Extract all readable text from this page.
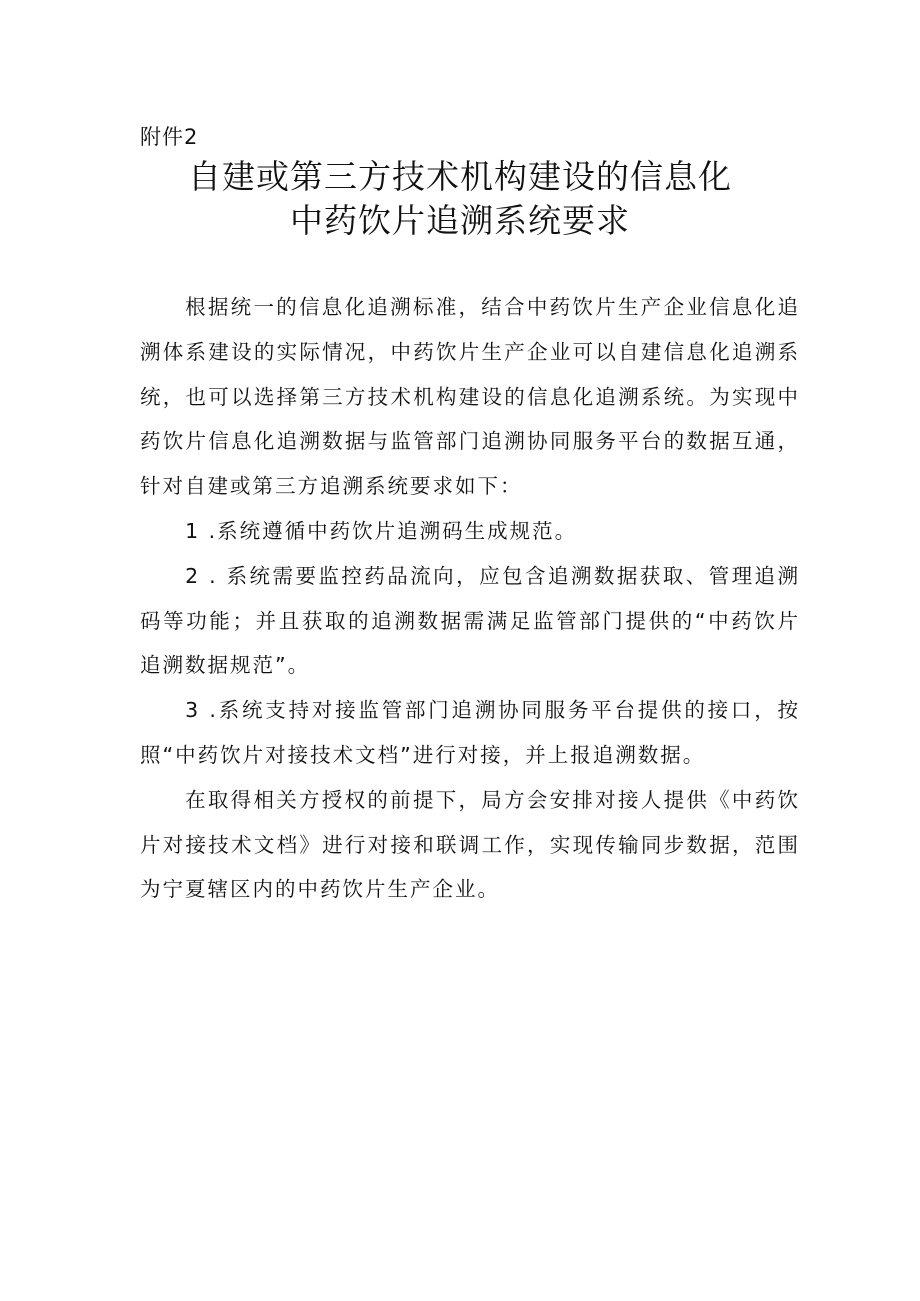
附件2
自建或第三方技术机构建设的信息化
中药饮片追溯系统要求

根据统一的信息化追溯标准，结合中药饮片生产企业信息化追溯体系建设的实际情况，中药饮片生产企业可以自建信息化追溯系统，也可以选择第三方技术机构建设的信息化追溯系统。为实现中药饮片信息化追溯数据与监管部门追溯协同服务平台的数据互通，针对自建或第三方追溯系统要求如下：

1 .系统遵循中药饮片追溯码生成规范。

2 . 系统需要监控药品流向，应包含追溯数据获取、管理追溯码等功能；并且获取的追溯数据需满足监管部门提供的“中药饮片追溯数据规范”。

3 .系统支持对接监管部门追溯协同服务平台提供的接口，按照“中药饮片对接技术文档”进行对接，并上报追溯数据。

在取得相关方授权的前提下，局方会安排对接人提供《中药饮片对接技术文档》进行对接和联调工作，实现传输同步数据，范围为宁夏辖区内的中药饮片生产企业。
